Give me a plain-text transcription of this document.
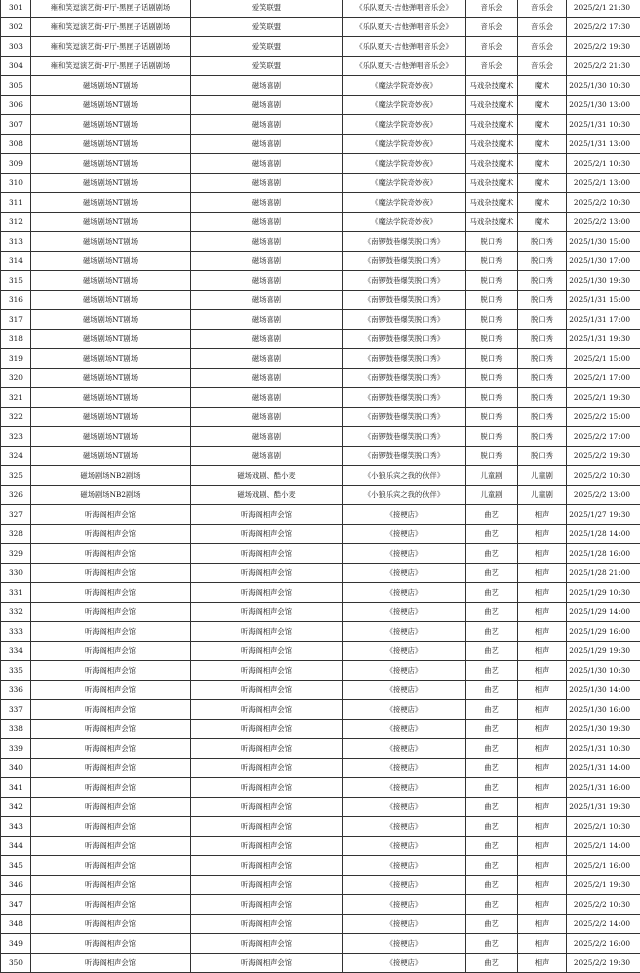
301	雍和笑逗演艺街-F厅-黑匣子话剧剧场	爱笑联盟	《乐队夏天-吉他弹唱音乐会》	音乐会	音乐会	2025/2/1 21:30
302	雍和笑逗演艺街-F厅-黑匣子话剧剧场	爱笑联盟	《乐队夏天-吉他弹唱音乐会》	音乐会	音乐会	2025/2/2 17:30
303	雍和笑逗演艺街-F厅-黑匣子话剧剧场	爱笑联盟	《乐队夏天-吉他弹唱音乐会》	音乐会	音乐会	2025/2/2 19:30
304	雍和笑逗演艺街-F厅-黑匣子话剧剧场	爱笑联盟	《乐队夏天-吉他弹唱音乐会》	音乐会	音乐会	2025/2/2 21:30
305	磁场剧场NT剧场	磁场喜剧	《魔法学院奇妙夜》	马戏杂技魔术	魔术	2025/1/30 10:30
306	磁场剧场NT剧场	磁场喜剧	《魔法学院奇妙夜》	马戏杂技魔术	魔术	2025/1/30 13:00
307	磁场剧场NT剧场	磁场喜剧	《魔法学院奇妙夜》	马戏杂技魔术	魔术	2025/1/31 10:30
308	磁场剧场NT剧场	磁场喜剧	《魔法学院奇妙夜》	马戏杂技魔术	魔术	2025/1/31 13:00
309	磁场剧场NT剧场	磁场喜剧	《魔法学院奇妙夜》	马戏杂技魔术	魔术	2025/2/1 10:30
310	磁场剧场NT剧场	磁场喜剧	《魔法学院奇妙夜》	马戏杂技魔术	魔术	2025/2/1 13:00
311	磁场剧场NT剧场	磁场喜剧	《魔法学院奇妙夜》	马戏杂技魔术	魔术	2025/2/2 10:30
312	磁场剧场NT剧场	磁场喜剧	《魔法学院奇妙夜》	马戏杂技魔术	魔术	2025/2/2 13:00
313	磁场剧场NT剧场	磁场喜剧	《南锣鼓巷爆笑脱口秀》	脱口秀	脱口秀	2025/1/30 15:00
314	磁场剧场NT剧场	磁场喜剧	《南锣鼓巷爆笑脱口秀》	脱口秀	脱口秀	2025/1/30 17:00
315	磁场剧场NT剧场	磁场喜剧	《南锣鼓巷爆笑脱口秀》	脱口秀	脱口秀	2025/1/30 19:30
316	磁场剧场NT剧场	磁场喜剧	《南锣鼓巷爆笑脱口秀》	脱口秀	脱口秀	2025/1/31 15:00
317	磁场剧场NT剧场	磁场喜剧	《南锣鼓巷爆笑脱口秀》	脱口秀	脱口秀	2025/1/31 17:00
318	磁场剧场NT剧场	磁场喜剧	《南锣鼓巷爆笑脱口秀》	脱口秀	脱口秀	2025/1/31 19:30
319	磁场剧场NT剧场	磁场喜剧	《南锣鼓巷爆笑脱口秀》	脱口秀	脱口秀	2025/2/1 15:00
320	磁场剧场NT剧场	磁场喜剧	《南锣鼓巷爆笑脱口秀》	脱口秀	脱口秀	2025/2/1 17:00
321	磁场剧场NT剧场	磁场喜剧	《南锣鼓巷爆笑脱口秀》	脱口秀	脱口秀	2025/2/1 19:30
322	磁场剧场NT剧场	磁场喜剧	《南锣鼓巷爆笑脱口秀》	脱口秀	脱口秀	2025/2/2 15:00
323	磁场剧场NT剧场	磁场喜剧	《南锣鼓巷爆笑脱口秀》	脱口秀	脱口秀	2025/2/2 17:00
324	磁场剧场NT剧场	磁场喜剧	《南锣鼓巷爆笑脱口秀》	脱口秀	脱口秀	2025/2/2 19:30
325	磁场剧场NB2剧场	磁场戏剧、酷小麦	《小狼乐宾之我的伙伴》	儿童剧	儿童剧	2025/2/2 10:30
326	磁场剧场NB2剧场	磁场戏剧、酷小麦	《小狼乐宾之我的伙伴》	儿童剧	儿童剧	2025/2/2 13:00
327	听海阁相声会馆	听海阁相声会馆	《接梗店》	曲艺	相声	2025/1/27 19:30
328	听海阁相声会馆	听海阁相声会馆	《接梗店》	曲艺	相声	2025/1/28 14:00
329	听海阁相声会馆	听海阁相声会馆	《接梗店》	曲艺	相声	2025/1/28 16:00
330	听海阁相声会馆	听海阁相声会馆	《接梗店》	曲艺	相声	2025/1/28 21:00
331	听海阁相声会馆	听海阁相声会馆	《接梗店》	曲艺	相声	2025/1/29 10:30
332	听海阁相声会馆	听海阁相声会馆	《接梗店》	曲艺	相声	2025/1/29 14:00
333	听海阁相声会馆	听海阁相声会馆	《接梗店》	曲艺	相声	2025/1/29 16:00
334	听海阁相声会馆	听海阁相声会馆	《接梗店》	曲艺	相声	2025/1/29 19:30
335	听海阁相声会馆	听海阁相声会馆	《接梗店》	曲艺	相声	2025/1/30 10:30
336	听海阁相声会馆	听海阁相声会馆	《接梗店》	曲艺	相声	2025/1/30 14:00
337	听海阁相声会馆	听海阁相声会馆	《接梗店》	曲艺	相声	2025/1/30 16:00
338	听海阁相声会馆	听海阁相声会馆	《接梗店》	曲艺	相声	2025/1/30 19:30
339	听海阁相声会馆	听海阁相声会馆	《接梗店》	曲艺	相声	2025/1/31 10:30
340	听海阁相声会馆	听海阁相声会馆	《接梗店》	曲艺	相声	2025/1/31 14:00
341	听海阁相声会馆	听海阁相声会馆	《接梗店》	曲艺	相声	2025/1/31 16:00
342	听海阁相声会馆	听海阁相声会馆	《接梗店》	曲艺	相声	2025/1/31 19:30
343	听海阁相声会馆	听海阁相声会馆	《接梗店》	曲艺	相声	2025/2/1 10:30
344	听海阁相声会馆	听海阁相声会馆	《接梗店》	曲艺	相声	2025/2/1 14:00
345	听海阁相声会馆	听海阁相声会馆	《接梗店》	曲艺	相声	2025/2/1 16:00
346	听海阁相声会馆	听海阁相声会馆	《接梗店》	曲艺	相声	2025/2/1 19:30
347	听海阁相声会馆	听海阁相声会馆	《接梗店》	曲艺	相声	2025/2/2 10:30
348	听海阁相声会馆	听海阁相声会馆	《接梗店》	曲艺	相声	2025/2/2 14:00
349	听海阁相声会馆	听海阁相声会馆	《接梗店》	曲艺	相声	2025/2/2 16:00
350	听海阁相声会馆	听海阁相声会馆	《接梗店》	曲艺	相声	2025/2/2 19:30
